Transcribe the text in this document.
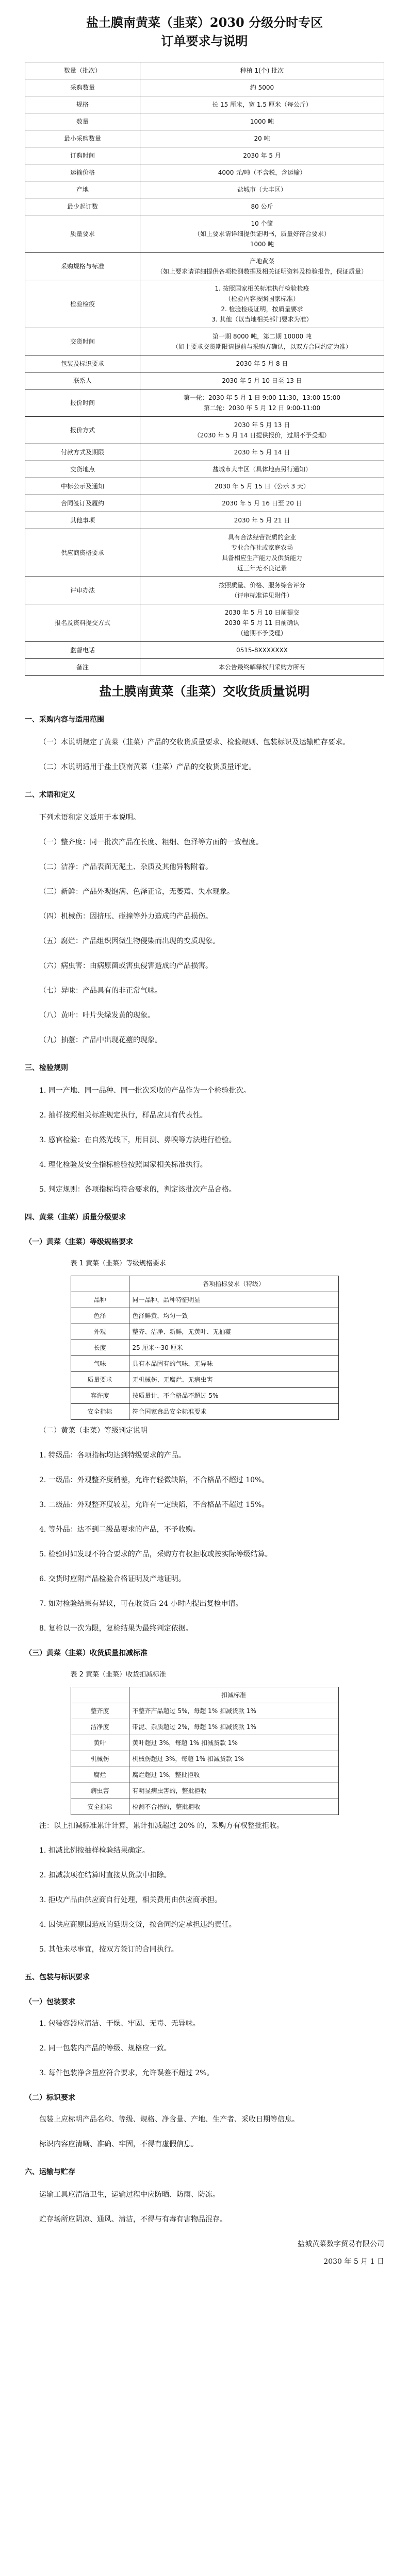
盐土膜南黄菜（韭菜）2030 分级分时专区
订单要求与说明
数量（批次）	种植 1(个) 批次
采购数量	约 5000
规格	长 15 厘米，宽 1.5 厘米（每公斤）
数量	1000 吨
最小采购数量	20 吨
订购时间	2030 年 5 月
运输价格	4000 元/吨（不含税，含运输）
产地	盐城市（大丰区）
最少起订数	80 公斤
质量要求	10 个筐
（如上要求请详细提供证明书，质量好符合要求）
1000 吨
采购规格与标准	产地黄菜
（如上要求请详细提供各项检测数据及相关证明资料及检验报告，保证质量）
检验检疫	1. 按照国家相关标准执行检验检疫
（检验内容按照国家标准）
2. 检验检疫证明，按质量要求
3. 其他（以当地相关部门要求为准）
交货时间	第一期 8000 吨，第二期 10000 吨
（如上要求交货期限请提前与采购方确认，以双方合同约定为准）
包装及标识要求	2030 年 5 月 8 日
联系人	2030 年 5 月 10 日至 13 日
报价时间	第一轮：2030 年 5 月 1 日 9:00-11:30，13:00-15:00
第二轮：2030 年 5 月 12 日 9:00-11:00
报价方式	2030 年 5 月 13 日
（2030 年 5 月 14 日提供报价，过期不予受理）
付款方式及期限	2030 年 5 月 14 日
交货地点	盐城市大丰区（具体地点另行通知）
中标公示及通知	2030 年 5 月 15 日（公示 3 天）
合同签订及履约	2030 年 5 月 16 日至 20 日
其他事项	2030 年 5 月 21 日
供应商资格要求	具有合法经营资质的企业
专业合作社或家庭农场
具备相应生产能力及供货能力
近三年无不良记录
评审办法	按照质量、价格、服务综合评分
（评审标准详见附件）
报名及资料提交方式	2030 年 5 月 10 日前提交
2030 年 5 月 11 日前确认
（逾期不予受理）
监督电话	0515-8XXXXXXX
备注	本公告最终解释权归采购方所有
盐土膜南黄菜（韭菜）交收货质量说明

一、采购内容与适用范围

（一）本说明规定了黄菜（韭菜）产品的交收货质量要求、检验规则、包装标识及运输贮存要求。

（二）本说明适用于盐土膜南黄菜（韭菜）产品的交收货质量评定。

二、术语和定义

下列术语和定义适用于本说明。

（一）整齐度：同一批次产品在长度、粗细、色泽等方面的一致程度。

（二）洁净：产品表面无泥土、杂质及其他异物附着。

（三）新鲜：产品外观饱满、色泽正常，无萎蔫、失水现象。

（四）机械伤：因挤压、碰撞等外力造成的产品损伤。

（五）腐烂：产品组织因微生物侵染而出现的变质现象。

（六）病虫害：由病原菌或害虫侵害造成的产品损害。

（七）异味：产品具有的非正常气味。

（八）黄叶：叶片失绿发黄的现象。

（九）抽薹：产品中出现花薹的现象。

三、检验规则

1. 同一产地、同一品种、同一批次采收的产品作为一个检验批次。

2. 抽样按照相关标准规定执行，样品应具有代表性。

3. 感官检验：在自然光线下，用目测、鼻嗅等方法进行检验。

4. 理化检验及安全指标检验按照国家相关标准执行。

5. 判定规则：各项指标均符合要求的，判定该批次产品合格。

四、黄菜（韭菜）质量分级要求

（一）黄菜（韭菜）等级规格要求

表 1 黄菜（韭菜）等级规格要求
	各项指标要求（特级）
品种	同一品种，品种特征明显
色泽	色泽鲜黄，均匀一致
外观	整齐、洁净、新鲜，无黄叶、无抽薹
长度	25 厘米～30 厘米
气味	具有本品固有的气味，无异味
质量要求	无机械伤、无腐烂、无病虫害
容许度	按质量计，不合格品不超过 5%
安全指标	符合国家食品安全标准要求

（二）黄菜（韭菜）等级判定说明

1. 特级品：各项指标均达到特级要求的产品。

2. 一级品：外观整齐度稍差，允许有轻微缺陷，不合格品不超过 10%。

3. 二级品：外观整齐度较差，允许有一定缺陷，不合格品不超过 15%。

4. 等外品：达不到二级品要求的产品，不予收购。

5. 检验时如发现不符合要求的产品，采购方有权拒收或按实际等级结算。

6. 交货时应附产品检验合格证明及产地证明。

7. 如对检验结果有异议，可在收货后 24 小时内提出复检申请。

8. 复检以一次为限，复检结果为最终判定依据。

（三）黄菜（韭菜）收货质量扣减标准

表 2 黄菜（韭菜）收货扣减标准
	扣减标准
整齐度	不整齐产品超过 5%，每超 1% 扣减货款 1%
洁净度	带泥、杂质超过 2%，每超 1% 扣减货款 1%
黄叶	黄叶超过 3%，每超 1% 扣减货款 1%
机械伤	机械伤超过 3%，每超 1% 扣减货款 1%
腐烂	腐烂超过 1%，整批拒收
病虫害	有明显病虫害的，整批拒收
安全指标	检测不合格的，整批拒收

注：以上扣减标准累计计算，累计扣减超过 20% 的，采购方有权整批拒收。

1. 扣减比例按抽样检验结果确定。

2. 扣减款项在结算时直接从货款中扣除。

3. 拒收产品由供应商自行处理，相关费用由供应商承担。

4. 因供应商原因造成的延期交货，按合同约定承担违约责任。

5. 其他未尽事宜，按双方签订的合同执行。

五、包装与标识要求

（一）包装要求

1. 包装容器应清洁、干燥、牢固、无毒、无异味。

2. 同一包装内产品的等级、规格应一致。

3. 每件包装净含量应符合要求，允许误差不超过 2%。

（二）标识要求

包装上应标明产品名称、等级、规格、净含量、产地、生产者、采收日期等信息。

标识内容应清晰、准确、牢固，不得有虚假信息。

六、运输与贮存

运输工具应清洁卫生，运输过程中应防晒、防雨、防冻。

贮存场所应阴凉、通风、清洁，不得与有毒有害物品混存。

盐城黄菜数字贸易有限公司

2030 年 5 月 1 日
